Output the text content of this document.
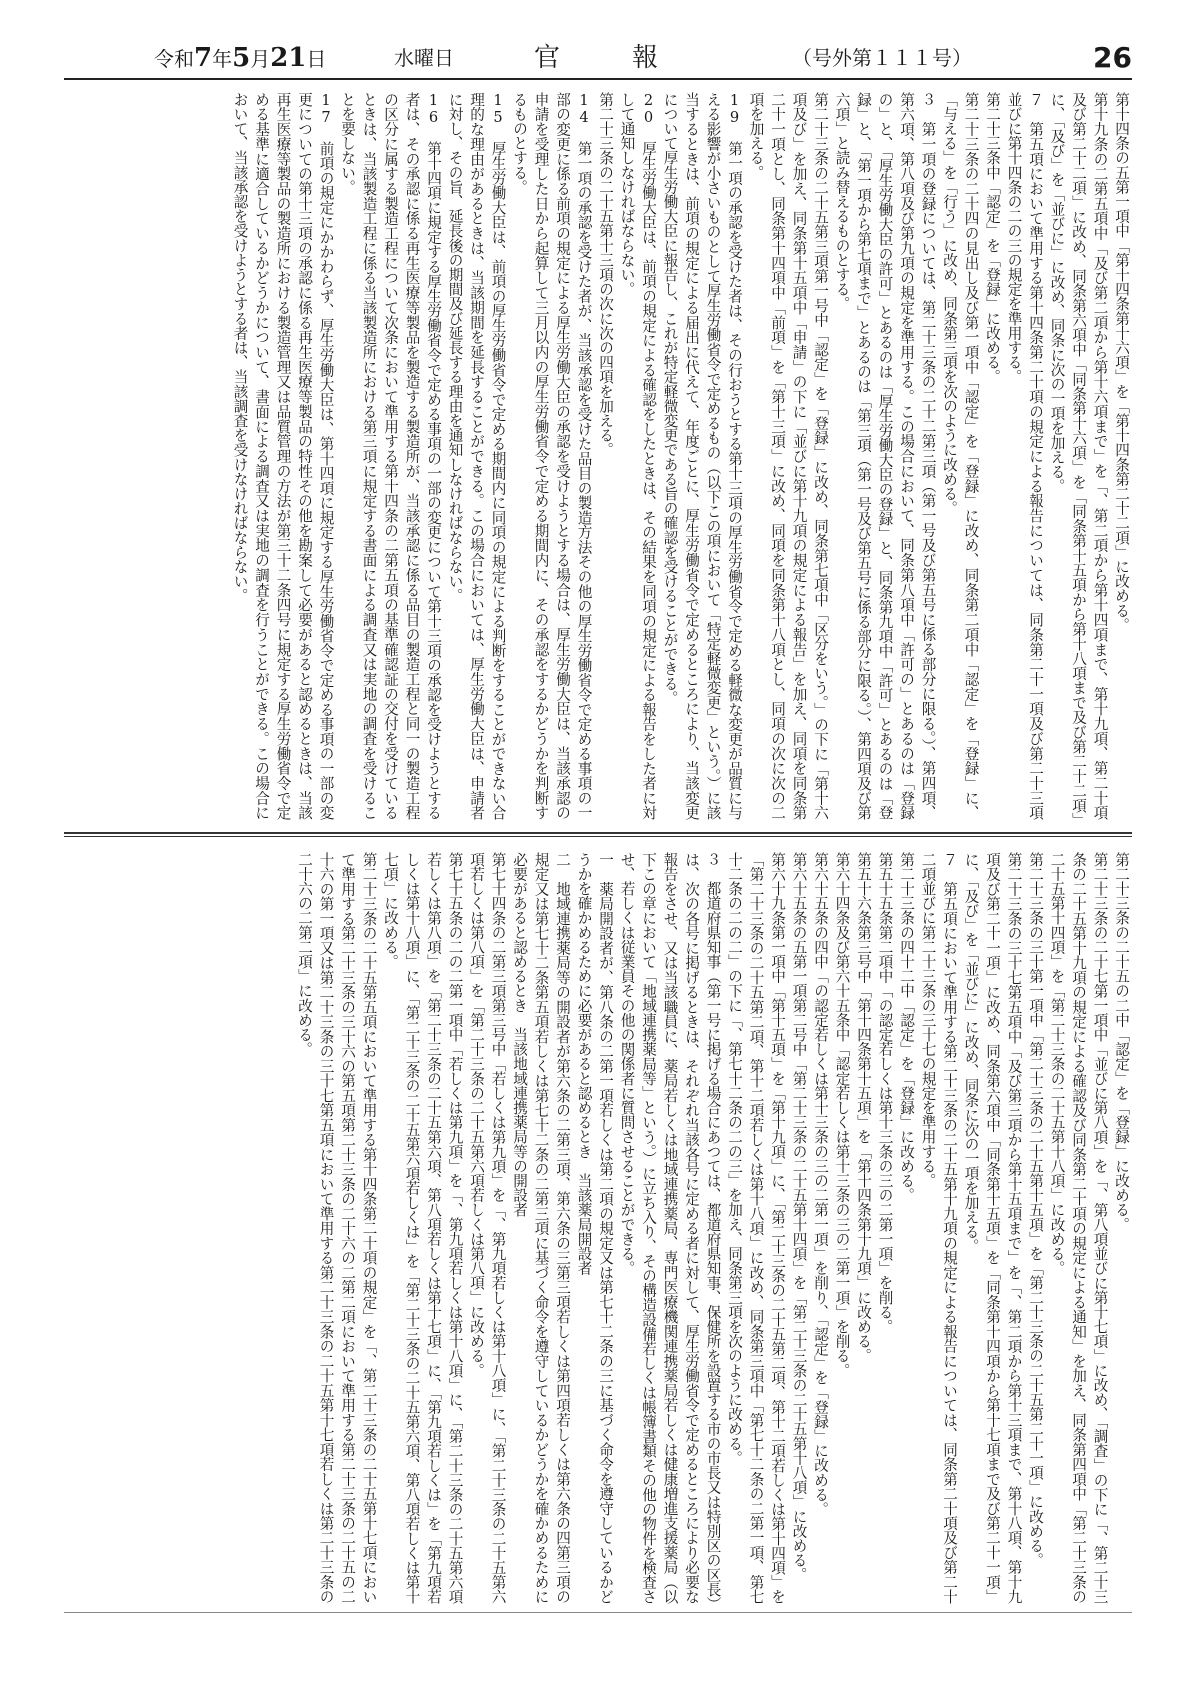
令和7年5月21日	水曜日	官報	（号外第１１１号）	26

第十四条の五第一項中「第十四条第十六項」を「第十四条第二十二項」に改める。

第十九条の二第五項中「及び第二項から第十六項まで」を「、第二項から第十四項まで、第十九項、第二十項及び第二十二項」に改め、同条第六項中「同条第十六項」を「同条第十五項から第十八項まで及び第二十二項」に、「及び」を「並びに」に改め、同条に次の一項を加える。

７　第五項において準用する第十四条第二十項の規定による報告については、同条第二十一項及び第二十三項並びに第十四条の二の三の規定を準用する。

第二十三条中「認定」を「登録」に改める。

第二十三条の二十四の見出し及び第一項中「認定」を「登録」に改め、同条第二項中「認定」を「登録」に、「与える」を「行う」に改め、同条第三項を次のように改める。

３　第一項の登録については、第二十三条の二十二第三項（第一号及び第五号に係る部分に限る。）、第四項、第六項、第八項及び第九項の規定を準用する。この場合において、同条第八項中「許可の」とあるのは「登録の」と、「厚生労働大臣の許可」とあるのは「厚生労働大臣の登録」と、同条第九項中「許可」とあるのは「登録」と、「第一項から第七項まで」とあるのは「第三項（第一号及び第五号に係る部分に限る。）、第四項及び第六項」と読み替えるものとする。

第二十三条の二十五第三項第一号中「認定」を「登録」に改め、同条第七項中「区分をいう。」の下に「第十六項及び」を加え、同条第十五項中「申請」の下に「並びに第十九項の規定による報告」を加え、同項を同条第二十一項とし、同条第十四項中「前項」を「第十三項」に改め、同項を同条第十八項とし、同項の次に次の二項を加える。

19　第一項の承認を受けた者は、その行おうとする第十三項の厚生労働省令で定める軽微な変更が品質に与える影響が小さいものとして厚生労働省令で定めるもの（以下この項において「特定軽微変更」という。）に該当するときは、前項の規定による届出に代えて、年度ごとに、厚生労働省令で定めるところにより、当該変更について厚生労働大臣に報告し、これが特定軽微変更である旨の確認を受けることができる。

20　厚生労働大臣は、前項の規定による確認をしたときは、その結果を同項の規定による報告をした者に対して通知しなければならない。

第二十三条の二十五第十三項の次に次の四項を加える。

14　第一項の承認を受けた者が、当該承認を受けた品目の製造方法その他の厚生労働省令で定める事項の一部の変更に係る前項の規定による厚生労働大臣の承認を受けようとする場合は、厚生労働大臣は、当該承認の申請を受理した日から起算して三月以内の厚生労働省令で定める期間内に、その承認をするかどうかを判断するものとする。

15　厚生労働大臣は、前項の厚生労働省令で定める期間内に同項の規定による判断をすることができない合理的な理由があるときは、当該期間を延長することができる。この場合においては、厚生労働大臣は、申請者に対し、その旨、延長後の期間及び延長する理由を通知しなければならない。

16　第十四項に規定する厚生労働省令で定める事項の一部の変更について第十三項の承認を受けようとする者は、その承認に係る再生医療等製品を製造する製造所が、当該承認に係る品目の製造工程と同一の製造工程の区分に属する製造工程について次条において準用する第十四条の二第五項の基準確認証の交付を受けているときは、当該製造工程に係る当該製造所における第三項に規定する書面による調査又は実地の調査を受けることを要しない。

17　前項の規定にかかわらず、厚生労働大臣は、第十四項に規定する厚生労働省令で定める事項の一部の変更についての第十三項の承認に係る再生医療等製品の特性その他を勘案して必要があると認めるときは、当該再生医療等製品の製造所における製造管理又は品質管理の方法が第三十二条四号に規定する厚生労働省令で定める基準に適合しているかどうかについて、書面による調査又は実地の調査を行うことができる。この場合において、当該承認を受けようとする者は、当該調査を受けなければならない。

第二十三条の二十五の二中「認定」を「登録」に改める。

第二十三条の二十七第一項中「並びに第八項」を「、第八項並びに第十七項」に改め、「調査」の下に「、第二十三条の二十五第十九項の規定による確認及び同条第二十項の規定による通知」を加え、同条第四項中「第二十三条の二十五第十四項」を「第二十三条の二十五第十八項」に改める。

第二十三条の三十第一項中「第二十三条の二十五第十五項」を「第二十三条の二十五第二十一項」に改める。

第二十三条の三十七第五項中「及び第三項から第十五項まで」を「、第二項から第十三項まで、第十八項、第十九項及び第二十一項」に改め、同条第六項中「同条第十五項」を「同条第十四項から第十七項まで及び第二十一項」に、「及び」を「並びに」に改め、同条に次の一項を加える。

７　第五項において準用する第二十三条の二十五第十九項の規定による報告については、同条第二十項及び第二十二項並びに第二十三条の三十七の規定を準用する。

第二十三条の四十二中「認定」を「登録」に改める。

第五十五条第二項中「の認定若しくは第十三条の三の二第一項」を削る。

第五十六条第三号中「第十四条第十五項」を「第十四条第十九項」に改める。

第六十四条及び第六十五条中「認定若しくは第十三条の三の二第一項」を削る。

第六十五条の四中「の認定若しくは第十三条の三の二第一項」を削り、「認定」を「登録」に改める。

第六十五条の五第一項第二号中「第二十三条の二十五第十四項」を「第二十三条の二十五第十八項」に改める。

第六十九条第一項中「第十五項」を「第十九項」に、「第二十三条の二十五第二項、第十二項若しくは第十四項」を「第二十三条の二十五第二項、第十二項若しくは第十八項」に改め、同条第三項中「第七十二条の二第一項、第七十二条の二の二」の下に「、第七十二条の二の三」を加え、同条第三項を次のように改める。

３　都道府県知事（第一号に掲げる場合にあつては、都道府県知事、保健所を設置する市の市長又は特別区の区長）は、次の各号に掲げるときは、それぞれ当該各号に定める者に対して、厚生労働省令で定めるところにより必要な報告をさせ、又は当該職員に、薬局若しくは地域連携薬局、専門医療機関連携薬局若しくは健康増進支援薬局（以下この章において「地域連携薬局等」という。）に立ち入り、その構造設備若しくは帳簿書類その他の物件を検査させ、若しくは従業員その他の関係者に質問させることができる。

一　薬局開設者が、第八条の二第一項若しくは第二項の規定又は第七十二条の三に基づく命令を遵守しているかどうかを確かめるために必要があると認めるとき　当該薬局開設者

二　地域連携薬局等の開設者が第六条の二第三項、第六条の三第三項若しくは第四項若しくは第六条の四第三項の規定又は第七十二条第五項若しくは第七十二条の二第三項に基づく命令を遵守しているかどうかを確かめるために必要があると認めるとき　当該地域連携薬局等の開設者

第七十四条の二第三項第三号中「若しくは第九項」を「、第九項若しくは第十八項」に、「第二十三条の二十五第六項若しくは第八項」を「第二十三条の二十五第六項若しくは第八項」に改める。

第七十五条の二の二第一項中「若しくは第九項」を「、第九項若しくは第十八項」に、「第二十三条の二十五第六項若しくは第八項」を「第二十三条の二十五第六項、第八項若しくは第十七項」に、「第九項若しくは」を「第九項若しくは第十八項」に、「第二十三条の二十五第六項若しくは」を「第二十三条の二十五第六項、第八項若しくは第十七項」に改める。

第二十三条の二十五第五項において準用する第十四条第二十項の規定」を「、第二十三条の二十五第十七項において準用する第二十三条の三十六の第五項第二十三条の二十六の二第二項において準用する第二十三条の二十五の二十六の第一項又は第二十三条の三十七第五項において準用する第二十三条の二十五第十七項若しくは第二十三条の二十六の二第二項」に改める。
